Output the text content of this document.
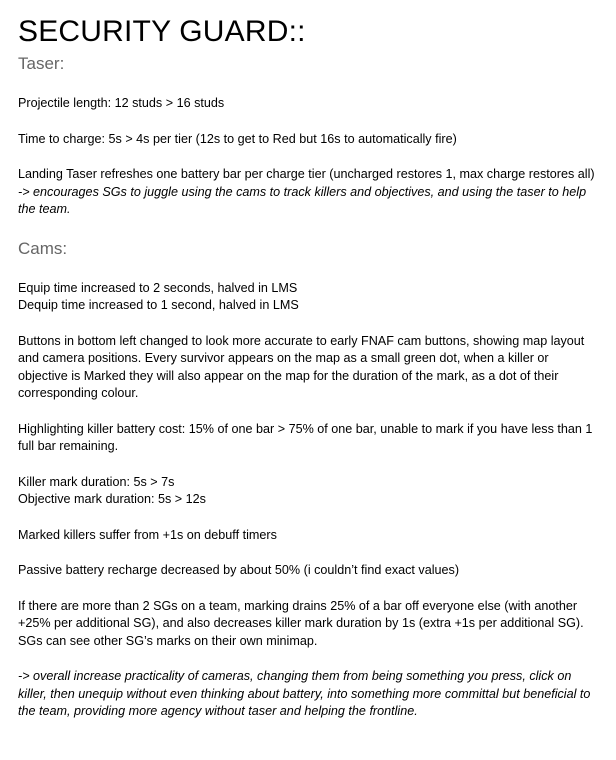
SECURITY GUARD::
Taser:

Projectile length: 12 studs > 16 studs

Time to charge: 5s > 4s per tier (12s to get to Red but 16s to automatically fire)

Landing Taser refreshes one battery bar per charge tier (uncharged restores 1, max charge restores all)

-> encourages SGs to juggle using the cams to track killers and objectives, and using the taser to help the team.

Cams:

Equip time increased to 2 seconds, halved in LMS

Dequip time increased to 1 second, halved in LMS

Buttons in bottom left changed to look more accurate to early FNAF cam buttons, showing map layout and camera positions. Every survivor appears on the map as a small green dot, when a killer or objective is Marked they will also appear on the map for the duration of the mark, as a dot of their corresponding colour.

Highlighting killer battery cost: 15% of one bar > 75% of one bar, unable to mark if you have less than 1 full bar remaining.

Killer mark duration: 5s > 7s

Objective mark duration: 5s > 12s

Marked killers suffer from +1s on debuff timers

Passive battery recharge decreased by about 50% (i couldn’t find exact values)

If there are more than 2 SGs on a team, marking drains 25% of a bar off everyone else (with another +25% per additional SG), and also decreases killer mark duration by 1s (extra +1s per additional SG). SGs can see other SG’s marks on their own minimap.

-> overall increase practicality of cameras, changing them from being something you press, click on killer, then unequip without even thinking about battery, into something more committal but beneficial to the team, providing more agency without taser and helping the frontline.
